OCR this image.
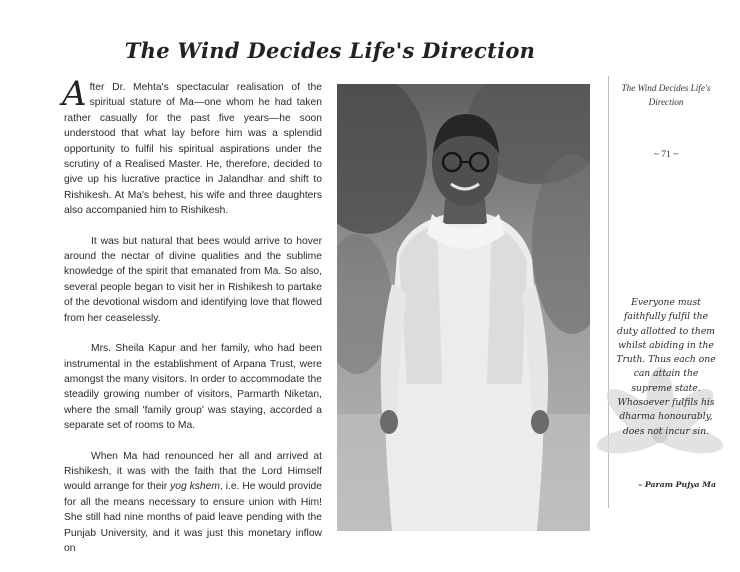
The Wind Decides Life's Direction

After Dr. Mehta's spectacular realisation of the spiritual stature of Ma—one whom he had taken rather casually for the past five years—he soon understood that what lay before him was a splendid opportunity to fulfil his spiritual aspirations under the scrutiny of a Realised Master. He, therefore, decided to give up his lucrative practice in Jalandhar and shift to Rishikesh. At Ma's behest, his wife and three daughters also accompanied him to Rishikesh.

It was but natural that bees would arrive to hover around the nectar of divine qualities and the sublime knowledge of the spirit that emanated from Ma. So also, several people began to visit her in Rishikesh to partake of the devotional wisdom and identifying love that flowed from her ceaselessly.

Mrs. Sheila Kapur and her family, who had been instrumental in the establishment of Arpana Trust, were amongst the many visitors. In order to accommodate the steadily growing number of visitors, Parmarth Niketan, where the small 'family group' was staying, accorded a separate set of rooms to Ma.

When Ma had renounced her all and arrived at Rishikesh, it was with the faith that the Lord Himself would arrange for their yog kshem, i.e. He would provide for all the means necessary to ensure union with Him! She still had nine months of paid leave pending with the Punjab University, and it was just this monetary inflow on

The Wind Decides Life's Direction
~ 71 ~
Everyone must faithfully fulfil the duty allotted to them whilst abiding in the Truth. Thus each one can attain the supreme state. Whosoever fulfils his dharma honourably, does not incur sin.
– Param Pujya Ma
